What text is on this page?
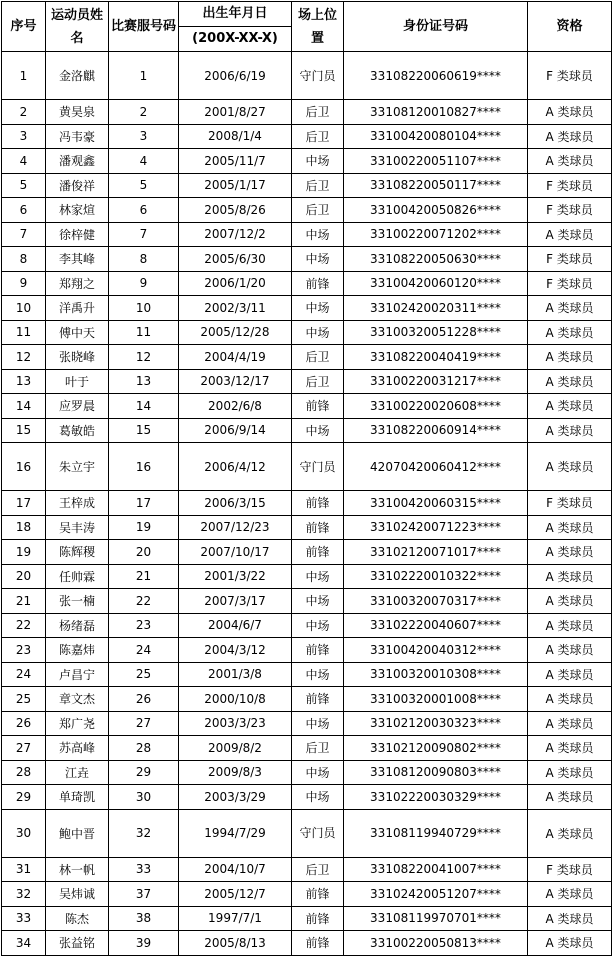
序号	运动员姓名	比赛服号码	出生年月日	场上位置	身份证号码	资格
			(200X-XX-X)			
1	金洛麒	1	2006/6/19	守门员	33108220060619****	F 类球员
2	黄昊泉	2	2001/8/27	后卫	33108120010827****	A 类球员
3	冯韦豪	3	2008/1/4	后卫	33100420080104****	A 类球员
4	潘观鑫	4	2005/11/7	中场	33100220051107****	A 类球员
5	潘俊祥	5	2005/1/17	后卫	33108220050117****	F 类球员
6	林家煊	6	2005/8/26	后卫	33100420050826****	F 类球员
7	徐梓健	7	2007/12/2	中场	33100220071202****	A 类球员
8	李其峰	8	2005/6/30	中场	33108220050630****	F 类球员
9	郑翔之	9	2006/1/20	前锋	33100420060120****	F 类球员
10	洋禹升	10	2002/3/11	中场	33102420020311****	A 类球员
11	傅中天	11	2005/12/28	中场	33100320051228****	A 类球员
12	张晓峰	12	2004/4/19	后卫	33108220040419****	A 类球员
13	叶于	13	2003/12/17	后卫	33100220031217****	A 类球员
14	应罗晨	14	2002/6/8	前锋	33100220020608****	A 类球员
15	葛敏皓	15	2006/9/14	中场	33108220060914****	A 类球员
16	朱立宇	16	2006/4/12	守门员	42070420060412****	A 类球员
17	王梓成	17	2006/3/15	前锋	33100420060315****	F 类球员
18	吴丰涛	19	2007/12/23	前锋	33102420071223****	A 类球员
19	陈辉稷	20	2007/10/17	前锋	33102120071017****	A 类球员
20	任帅霖	21	2001/3/22	中场	33102220010322****	A 类球员
21	张一楠	22	2007/3/17	中场	33100320070317****	A 类球员
22	杨绪磊	23	2004/6/7	中场	33102220040607****	A 类球员
23	陈嘉炜	24	2004/3/12	前锋	33100420040312****	A 类球员
24	卢昌宁	25	2001/3/8	中场	33100320010308****	A 类球员
25	章文杰	26	2000/10/8	前锋	33100320001008****	A 类球员
26	郑广尧	27	2003/3/23	中场	33102120030323****	A 类球员
27	苏高峰	28	2009/8/2	后卫	33102120090802****	A 类球员
28	江垚	29	2009/8/3	中场	33108120090803****	A 类球员
29	单琦凯	30	2003/3/29	中场	33102220030329****	A 类球员
30	鲍中晋	32	1994/7/29	守门员	33108119940729****	A 类球员
31	林一帆	33	2004/10/7	后卫	33108220041007****	F 类球员
32	吴炜诚	37	2005/12/7	前锋	33102420051207****	A 类球员
33	陈杰	38	1997/7/1	前锋	33108119970701****	A 类球员
34	张益铭	39	2005/8/13	前锋	33100220050813****	A 类球员
